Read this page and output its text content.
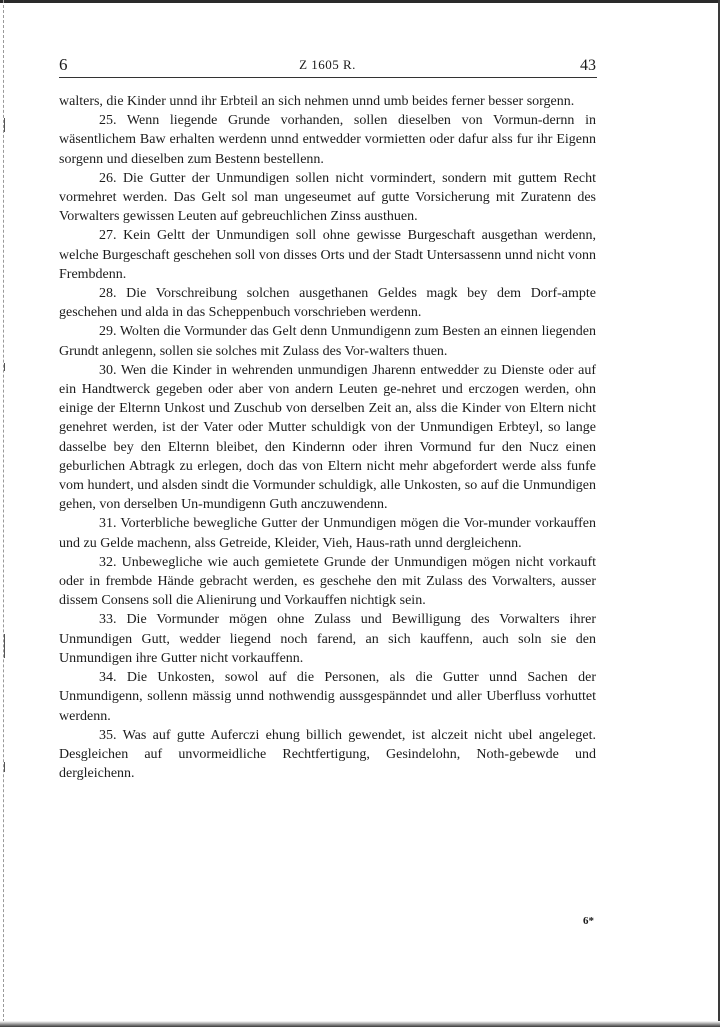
6	Z 1605 R.	43

walters, die Kinder unnd ihr Erbteil an sich nehmen unnd umb beides ferner besser sorgenn.

25. Wenn liegende Grunde vorhanden, sollen dieselben von Vormun-dernn in wäsentlichem Baw erhalten werdenn unnd entwedder vormietten oder dafur alss fur ihr Eigenn sorgenn und dieselben zum Bestenn bestellenn.

26. Die Gutter der Unmundigen sollen nicht vormindert, sondern mit guttem Recht vormehret werden. Das Gelt sol man ungeseumet auf gutte Vorsicherung mit Zuratenn des Vorwalters gewissen Leuten auf gebreuchlichen Zinss austhuen.

27. Kein Geltt der Unmundigen soll ohne gewisse Burgeschaft ausgethan werdenn, welche Burgeschaft geschehen soll von disses Orts und der Stadt Untersassenn unnd nicht vonn Frembdenn.

28. Die Vorschreibung solchen ausgethanen Geldes magk bey dem Dorf-ampte geschehen und alda in das Scheppenbuch vorschrieben werdenn.

29. Wolten die Vormunder das Gelt denn Unmundigenn zum Besten an einnen liegenden Grundt anlegenn, sollen sie solches mit Zulass des Vor-walters thuen.

30. Wen die Kinder in wehrenden unmundigen Jharenn entwedder zu Dienste oder auf ein Handtwerck gegeben oder aber von andern Leuten ge-nehret und erczogen werden, ohn einige der Elternn Unkost und Zuschub von derselben Zeit an, alss die Kinder von Eltern nicht genehret werden, ist der Vater oder Mutter schuldigk von der Unmundigen Erbteyl, so lange dasselbe bey den Elternn bleibet, den Kindernn oder ihren Vormund fur den Nucz einen geburlichen Abtragk zu erlegen, doch das von Eltern nicht mehr abgefordert werde alss funfe vom hundert, und alsden sindt die Vormunder schuldigk, alle Unkosten, so auf die Unmundigen gehen, von derselben Un-mundigenn Guth anczuwendenn.

31. Vorterbliche bewegliche Gutter der Unmundigen mögen die Vor-munder vorkauffen und zu Gelde machenn, alss Getreide, Kleider, Vieh, Haus-rath unnd dergleichenn.

32. Unbewegliche wie auch gemietete Grunde der Unmundigen mögen nicht vorkauft oder in frembde Hände gebracht werden, es geschehe den mit Zulass des Vorwalters, ausser dissem Consens soll die Alienirung und Vorkauffen nichtigk sein.

33. Die Vormunder mögen ohne Zulass und Bewilligung des Vorwalters ihrer Unmundigen Gutt, wedder liegend noch farend, an sich kauffenn, auch soln sie den Unmundigen ihre Gutter nicht vorkauffenn.

34. Die Unkosten, sowol auf die Personen, als die Gutter unnd Sachen der Unmundigenn, sollenn mässig unnd nothwendig aussgespänndet und aller Uberfluss vorhuttet werdenn.

35. Was auf gutte Auferczi ehung billich gewendet, ist alczeit nicht ubel angeleget. Desgleichen auf unvormeidliche Rechtfertigung, Gesindelohn, Noth-gebewde und dergleichenn.

6*
